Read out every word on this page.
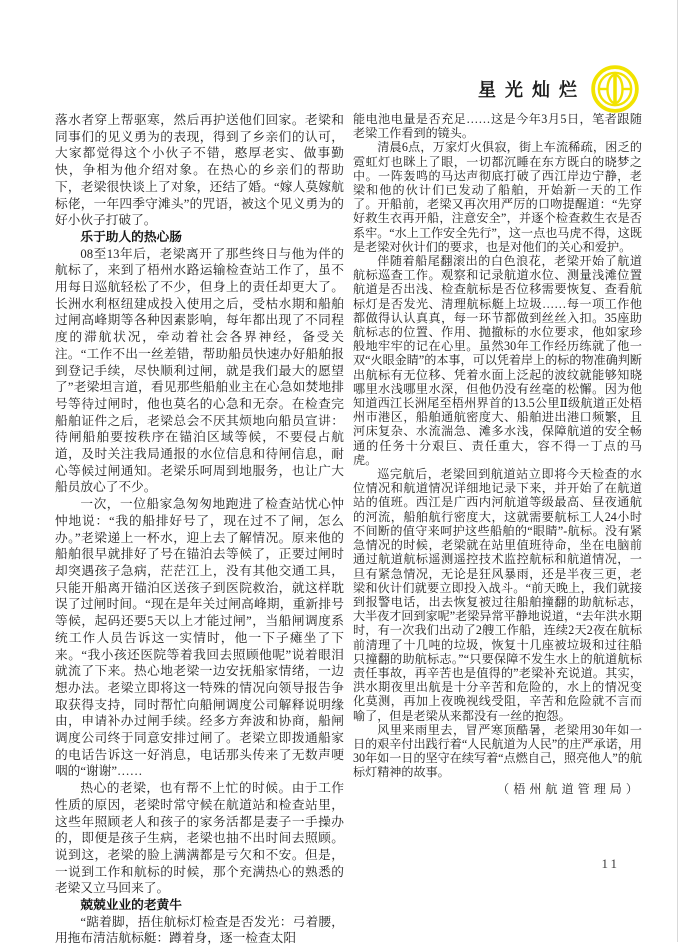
星光灿烂

落水者穿上帮驱寒，然后再护送他们回家。老梁和同事们的见义勇为的表现，得到了乡亲们的认可，大家都觉得这个小伙子不错，憨厚老实、做事勤快，争相为他介绍对象。在热心的乡亲们的帮助下，老梁很快谈上了对象，还结了婚。“嫁人莫嫁航标佬，一年四季守滩头”的咒语，被这个见义勇为的好小伙子打破了。

乐于助人的热心肠

08至13年后，老梁离开了那些终日与他为伴的航标了，来到了梧州水路运输检查站工作了，虽不用每日巡航轻松了不少，但身上的责任却更大了。长洲水利枢纽建成投入使用之后，受枯水期和船舶过闸高峰期等各种因素影响，每年都出现了不同程度的滞航状况，牵动着社会各界神经，备受关注。“工作不出一丝差错，帮助船员快速办好船舶报到登记手续，尽快顺利过闸，就是我们最大的愿望了”老梁坦言道，看见那些船舶业主在心急如焚地排号等待过闸时，他也莫名的心急和无奈。在检查完船舶证件之后，老梁总会不厌其烦地向船员宣讲：待闸船舶要按秩序在锚泊区域等候，不要侵占航道，及时关注我局通报的水位信息和待闸信息，耐心等候过闸通知。老梁乐呵周到地服务，也让广大船员放心了不少。

一次，一位船家急匆匆地跑进了检查站忧心忡忡地说：“我的船排好号了，现在过不了闸，怎么办。”老梁递上一杯水，迎上去了解情况。原来他的船舶很早就排好了号在锚泊去等候了，正要过闸时却突遇孩子急病，茫茫江上，没有其他交通工具，只能开船离开锚泊区送孩子到医院救治，就这样耽误了过闸时间。“现在是年关过闸高峰期，重新排号等候，起码还要5天以上才能过闸”，当船闸调度系统工作人员告诉这一实情时，他一下子瘫坐了下来。“我小孩还医院等着我回去照顾他呢”说着眼泪就流了下来。热心地老梁一边安抚船家情绪，一边想办法。老梁立即将这一特殊的情况向领导报告争取获得支持，同时帮忙向船闸调度公司解释说明缘由，申请补办过闸手续。经多方奔波和协商，船闸调度公司终于同意安排过闸了。老梁立即拨通船家的电话告诉这一好消息，电话那头传来了无数声哽咽的“谢谢”……

热心的老梁，也有帮不上忙的时候。由于工作性质的原因，老梁时常守候在航道站和检查站里，这些年照顾老人和孩子的家务活都是妻子一手操办的，即便是孩子生病，老梁也抽不出时间去照顾。说到这，老梁的脸上满满都是亏欠和不安。但是，一说到工作和航标的时候，那个充满热心的熟悉的老梁又立马回来了。

兢兢业业的老黄牛

“踮着脚，捂住航标灯检查是否发光：弓着腰，用拖布清洁航标艇：蹲着身，逐一检查太阳

能电池电量是否充足……这是今年3月5日，笔者跟随老梁工作看到的镜头。

清晨6点，万家灯火俱寂，街上车流稀疏，困乏的霓虹灯也眯上了眼，一切都沉睡在东方既白的晓梦之中。一阵轰鸣的马达声彻底打破了西江岸边宁静，老梁和他的伙计们已发动了船舶，开始新一天的工作了。开船前，老梁又再次用严厉的口吻提醒道：“先穿好救生衣再开船，注意安全”，并逐个检查救生衣是否系牢。“水上工作安全先行”，这一点也马虎不得，这既是老梁对伙计们的要求，也是对他们的关心和爱护。

伴随着船尾翻滚出的白色浪花，老梁开始了航道航标巡查工作。观察和记录航道水位、测量浅滩位置航道是否出浅、检查航标是否位移需要恢复、查看航标灯是否发光、清理航标艇上垃圾……每一项工作他都做得认认真真，每一环节都做到丝丝入扣。35座助航标志的位置、作用、抛撤标的水位要求，他如家珍般地牢牢的记在心里。虽然30年工作经历练就了他一双“火眼金睛”的本事，可以凭着岸上的标的物准确判断出航标有无位移、凭着水面上泛起的波纹就能够知晓哪里水浅哪里水深，但他仍没有丝毫的松懈。因为他知道西江长洲尾至梧州界首的13.5公里Ⅱ级航道正处梧州市港区，船舶通航密度大、船舶进出港口频繁，且河床复杂、水流湍急、滩多水浅，保障航道的安全畅通的任务十分艰巨、责任重大，容不得一丁点的马虎。

巡完航后，老梁回到航道站立即将今天检查的水位情况和航道情况详细地记录下来，并开始了在航道站的值班。西江是广西内河航道等级最高、昼夜通航的河流，船舶航行密度大，这就需要航标工人24小时不间断的值守来呵护这些船舶的“眼睛”-航标。没有紧急情况的时候，老梁就在站里值班待命，坐在电脑前通过航道航标遥测遥控技术监控航标和航道情况，一旦有紧急情况，无论是狂风暴雨，还是半夜三更，老梁和伙计们就要立即投入战斗。“前天晚上，我们就接到报警电话，出去恢复被过往船舶撞翻的助航标志，大半夜才回到家呢”老梁异常平静地说道，“去年洪水期时，有一次我们出动了2艘工作船，连续2天2夜在航标前清理了十几吨的垃圾，恢复十几座被垃圾和过往船只撞翻的助航标志。”“只要保障不发生水上的航道航标责任事故，再辛苦也是值得的”老梁补充说道。其实，洪水期夜里出航是十分辛苦和危险的，水上的情况变化莫测，再加上夜晚视线受阻，辛苦和危险就不言而喻了，但是老梁从来都没有一丝的抱怨。

风里来雨里去，冒严寒顶酷暑，老梁用30年如一日的艰辛付出践行着“人民航道为人民”的庄严承诺，用30年如一日的坚守在续写着“点燃自己，照亮他人”的航标灯精神的故事。

（梧州航道管理局）

11
